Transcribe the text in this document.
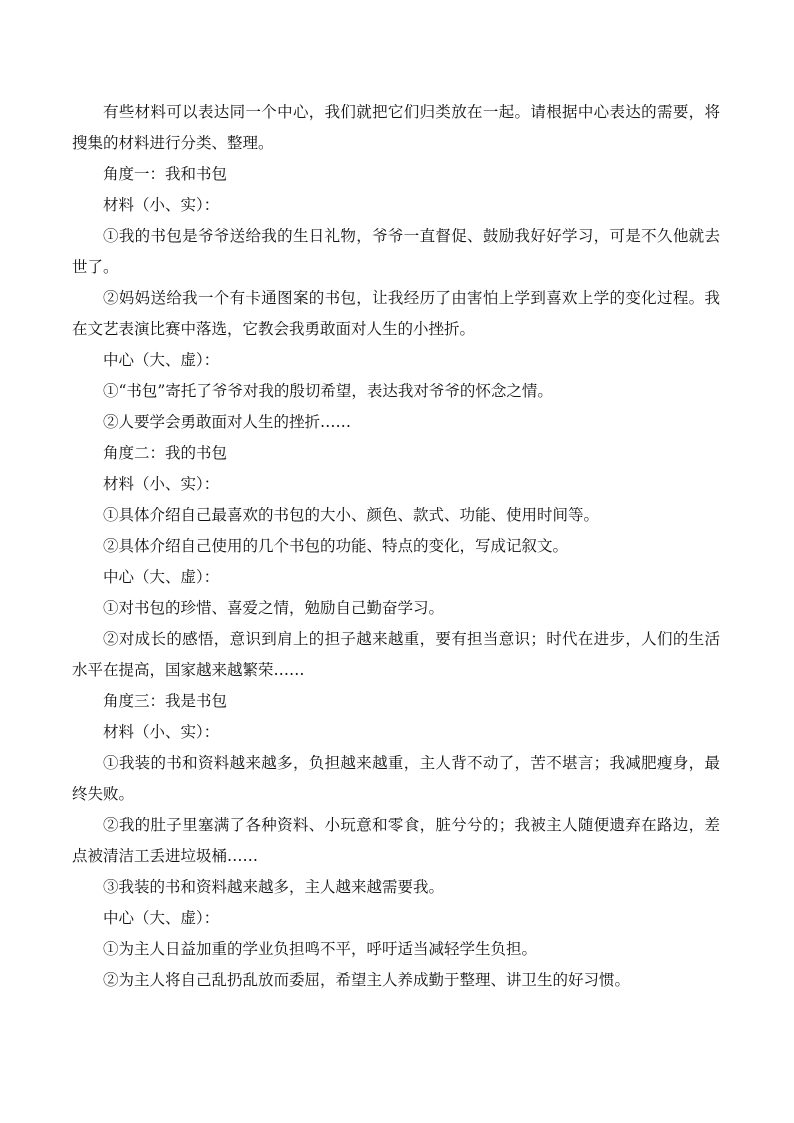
有些材料可以表达同一个中心，我们就把它们归类放在一起。请根据中心表达的需要，将搜集的材料进行分类、整理。

角度一：我和书包

材料（小、实）：

①我的书包是爷爷送给我的生日礼物，爷爷一直督促、鼓励我好好学习，可是不久他就去世了。

②妈妈送给我一个有卡通图案的书包，让我经历了由害怕上学到喜欢上学的变化过程。我在文艺表演比赛中落选，它教会我勇敢面对人生的小挫折。

中心（大、虚）：

①“书包”寄托了爷爷对我的殷切希望，表达我对爷爷的怀念之情。

②人要学会勇敢面对人生的挫折……

角度二：我的书包

材料（小、实）：

①具体介绍自己最喜欢的书包的大小、颜色、款式、功能、使用时间等。

②具体介绍自己使用的几个书包的功能、特点的变化，写成记叙文。

中心（大、虚）：

①对书包的珍惜、喜爱之情，勉励自己勤奋学习。

②对成长的感悟，意识到肩上的担子越来越重，要有担当意识；时代在进步，人们的生活水平在提高，国家越来越繁荣……

角度三：我是书包

材料（小、实）：

①我装的书和资料越来越多，负担越来越重，主人背不动了，苦不堪言；我减肥瘦身，最终失败。

②我的肚子里塞满了各种资料、小玩意和零食，脏兮兮的；我被主人随便遗弃在路边，差点被清洁工丢进垃圾桶……

③我装的书和资料越来越多，主人越来越需要我。

中心（大、虚）：

①为主人日益加重的学业负担鸣不平，呼吁适当减轻学生负担。

②为主人将自己乱扔乱放而委屈，希望主人养成勤于整理、讲卫生的好习惯。
